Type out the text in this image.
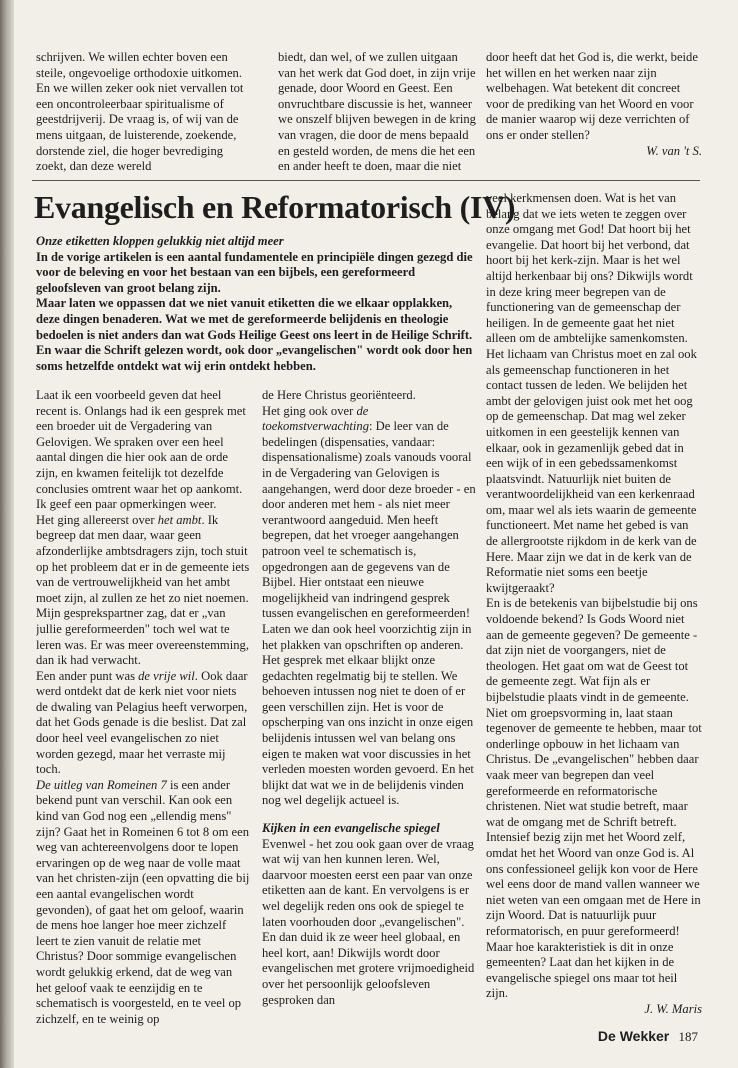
schrijven. We willen echter boven een steile, ongevoelige orthodoxie uitkomen. En we willen zeker ook niet vervallen tot een oncontroleerbaar spiritualisme of geestdrijverij. De vraag is, of wij van de mens uitgaan, de luisterende, zoekende, dorstende ziel, die hoger bevrediging zoekt, dan deze wereld

biedt, dan wel, of we zullen uitgaan van het werk dat God doet, in zijn vrije genade, door Woord en Geest. Een onvruchtbare discussie is het, wanneer we onszelf blijven bewegen in de kring van vragen, die door de mens bepaald en gesteld worden, de mens die het een en ander heeft te doen, maar die niet

door heeft dat het God is, die werkt, beide het willen en het werken naar zijn welbehagen. Wat betekent dit concreet voor de prediking van het Woord en voor de manier waarop wij deze verrichten of ons er onder stellen?

W. van 't S.
Evangelisch en Reformatorisch (IV)

Onze etiketten kloppen gelukkig niet altijd meer

In de vorige artikelen is een aantal fundamentele en principiële dingen gezegd die voor de beleving en voor het bestaan van een bijbels, een gereformeerd geloofsleven van groot belang zijn.

Maar laten we oppassen dat we niet vanuit etiketten die we elkaar opplakken, deze dingen benaderen. Wat we met de gereformeerde belijdenis en theologie bedoelen is niet anders dan wat Gods Heilige Geest ons leert in de Heilige Schrift. En waar die Schrift gelezen wordt, ook door „evangelischen" wordt ook door hen soms hetzelfde ontdekt wat wij erin ontdekt hebben.

Laat ik een voorbeeld geven dat heel recent is. Onlangs had ik een gesprek met een broeder uit de Vergadering van Gelovigen. We spraken over een heel aantal dingen die hier ook aan de orde zijn, en kwamen feitelijk tot dezelfde conclusies omtrent waar het op aankomt. Ik geef een paar opmerkingen weer.

Het ging allereerst over het ambt. Ik begreep dat men daar, waar geen afzonderlijke ambtsdragers zijn, toch stuit op het probleem dat er in de gemeente iets van de vertrouwelijkheid van het ambt moet zijn, al zullen ze het zo niet noemen.

Mijn gesprekspartner zag, dat er „van jullie gereformeerden" toch wel wat te leren was. Er was meer overeenstemming, dan ik had verwacht.

Een ander punt was de vrije wil. Ook daar werd ontdekt dat de kerk niet voor niets de dwaling van Pelagius heeft verworpen, dat het Gods genade is die beslist. Dat zal door heel veel evangelischen zo niet worden gezegd, maar het verraste mij toch.

De uitleg van Romeinen 7 is een ander bekend punt van verschil. Kan ook een kind van God nog een „ellendig mens" zijn? Gaat het in Romeinen 6 tot 8 om een weg van achtereenvolgens door te lopen ervaringen op de weg naar de volle maat van het christen-zijn (een opvatting die bij een aantal evangelischen wordt gevonden), of gaat het om geloof, waarin de mens hoe langer hoe meer zichzelf leert te zien vanuit de relatie met Christus? Door sommige evangelischen wordt gelukkig erkend, dat de weg van het geloof vaak te eenzijdig en te schematisch is voorgesteld, en te veel op zichzelf, en te weinig op

de Here Christus georiënteerd.

Het ging ook over de toekomstverwachting: De leer van de bedelingen (dispensaties, vandaar: dispensationalisme) zoals vanouds vooral in de Vergadering van Gelovigen is aangehangen, werd door deze broeder - en door anderen met hem - als niet meer verantwoord aangeduid. Men heeft begrepen, dat het vroeger aangehangen patroon veel te schematisch is, opgedrongen aan de gegevens van de Bijbel. Hier ontstaat een nieuwe mogelijkheid van indringend gesprek tussen evangelischen en gereformeerden!

Laten we dan ook heel voorzichtig zijn in het plakken van opschriften op anderen. Het gesprek met elkaar blijkt onze gedachten regelmatig bij te stellen. We behoeven intussen nog niet te doen of er geen verschillen zijn. Het is voor de opscherping van ons inzicht in onze eigen belijdenis intussen wel van belang ons eigen te maken wat voor discussies in het verleden moesten worden gevoerd. En het blijkt dat wat we in de belijdenis vinden nog wel degelijk actueel is.

Kijken in een evangelische spiegel

Evenwel - het zou ook gaan over de vraag wat wij van hen kunnen leren. Wel, daarvoor moesten eerst een paar van onze etiketten aan de kant. En vervolgens is er wel degelijk reden ons ook de spiegel te laten voorhouden door „evangelischen". En dan duid ik ze weer heel globaal, en heel kort, aan! Dikwijls wordt door evangelischen met grotere vrijmoedigheid over het persoonlijk geloofsleven gesproken dan

veel kerkmensen doen. Wat is het van belang dat we iets weten te zeggen over onze omgang met God! Dat hoort bij het evangelie. Dat hoort bij het verbond, dat hoort bij het kerk-zijn. Maar is het wel altijd herkenbaar bij ons? Dikwijls wordt in deze kring meer begrepen van de functionering van de gemeenschap der heiligen. In de gemeente gaat het niet alleen om de ambtelijke samenkomsten. Het lichaam van Christus moet en zal ook als gemeenschap functioneren in het contact tussen de leden. We belijden het ambt der gelovigen juist ook met het oog op de gemeenschap. Dat mag wel zeker uitkomen in een geestelijk kennen van elkaar, ook in gezamenlijk gebed dat in een wijk of in een gebedssamenkomst plaatsvindt. Natuurlijk niet buiten de verantwoordelijkheid van een kerkenraad om, maar wel als iets waarin de gemeente functioneert. Met name het gebed is van de allergrootste rijkdom in de kerk van de Here. Maar zijn we dat in de kerk van de Reformatie niet soms een beetje kwijtgeraakt?

En is de betekenis van bijbelstudie bij ons voldoende bekend? Is Gods Woord niet aan de gemeente gegeven? De gemeente - dat zijn niet de voorgangers, niet de theologen. Het gaat om wat de Geest tot de gemeente zegt. Wat fijn als er bijbelstudie plaats vindt in de gemeente. Niet om groepsvorming in, laat staan tegenover de gemeente te hebben, maar tot onderlinge opbouw in het lichaam van Christus. De „evangelischen" hebben daar vaak meer van begrepen dan veel gereformeerde en reformatorische christenen. Niet wat studie betreft, maar wat de omgang met de Schrift betreft. Intensief bezig zijn met het Woord zelf, omdat het het Woord van onze God is. Al ons confessioneel gelijk kon voor de Here wel eens door de mand vallen wanneer we niet weten van een omgaan met de Here in zijn Woord. Dat is natuurlijk puur reformatorisch, en puur gereformeerd! Maar hoe karakteristiek is dit in onze gemeenten? Laat dan het kijken in de evangelische spiegel ons maar tot heil zijn.

J. W. Maris
De Wekker 187
